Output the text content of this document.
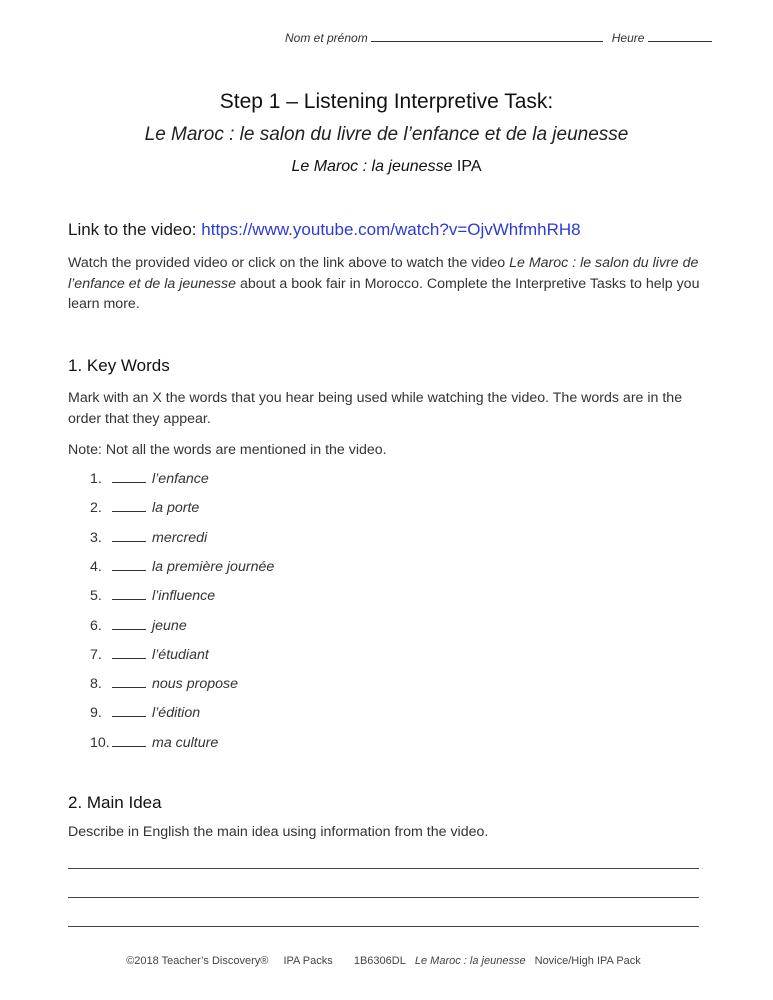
Nom et prénom	Heure
Step 1 – Listening Interpretive Task:
Le Maroc : le salon du livre de l’enfance et de la jeunesse
Le Maroc : la jeunesse IPA
Link to the video: https://www.youtube.com/watch?v=OjvWhfmhRH8
Watch the provided video or click on the link above to watch the video Le Maroc : le salon du livre de l’enfance et de la jeunesse about a book fair in Morocco. Complete the Interpretive Tasks to help you learn more.
1. Key Words
Mark with an X the words that you hear being used while watching the video. The words are in the order that they appear.
Note: Not all the words are mentioned in the video.
1.	l’enfance
2.	la porte
3.	mercredi
4.	la première journée
5.	l’influence
6.	jeune
7.	l’étudiant
8.	nous propose
9.	l’édition
10.	ma culture
2. Main Idea
Describe in English the main idea using information from the video.
©2018 Teacher’s Discovery® IPA Packs 1B6306DL Le Maroc : la jeunesse Novice/High IPA Pack
